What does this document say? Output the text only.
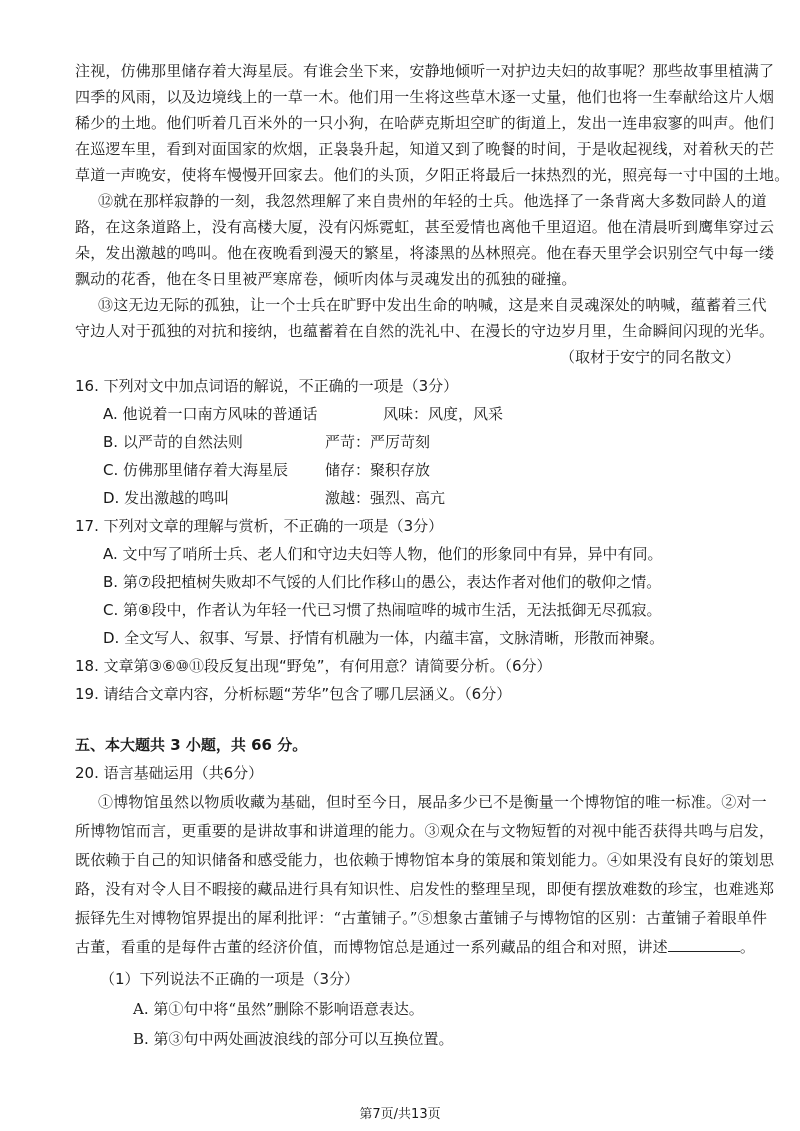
注视，仿佛那里储存着大海星辰。有谁会坐下来，安静地倾听一对护边夫妇的故事呢？那些故事里植满了
四季的风雨，以及边境线上的一草一木。他们用一生将这些草木逐一丈量，他们也将一生奉献给这片人烟
稀少的土地。他们听着几百米外的一只小狗，在哈萨克斯坦空旷的街道上，发出一连串寂寥的叫声。他们
在巡逻车里，看到对面国家的炊烟，正袅袅升起，知道又到了晚餐的时间，于是收起视线，对着秋天的芒
草道一声晚安，使将车慢慢开回家去。他们的头顶，夕阳正将最后一抹热烈的光，照亮每一寸中国的土地。
⑫就在那样寂静的一刻，我忽然理解了来自贵州的年轻的士兵。他选择了一条背离大多数同龄人的道
路，在这条道路上，没有高楼大厦，没有闪烁霓虹，甚至爱情也离他千里迢迢。他在清晨听到鹰隼穿过云
朵，发出激越的鸣叫。他在夜晚看到漫天的繁星，将漆黑的丛林照亮。他在春天里学会识别空气中每一缕
飘动的花香，他在冬日里被严寒席卷，倾听肉体与灵魂发出的孤独的碰撞。
⑬这无边无际的孤独，让一个士兵在旷野中发出生命的呐喊，这是来自灵魂深处的呐喊，蕴蓄着三代
守边人对于孤独的对抗和接纳，也蕴蓄着在自然的洗礼中、在漫长的守边岁月里，生命瞬间闪现的光华。
（取材于安宁的同名散文）
16. 下列对文中加点词语的解说，不正确的一项是（3分）
A. 他说着一口南方风味的普通话	风味：风度，风采
B. 以严苛的自然法则	严苛：严厉苛刻
C. 仿佛那里储存着大海星辰 储存：聚积存放
D. 发出激越的鸣叫	激越：强烈、高亢
17. 下列对文章的理解与赏析，不正确的一项是（3分）
A. 文中写了哨所士兵、老人们和守边夫妇等人物，他们的形象同中有异，异中有同。
B. 第⑦段把植树失败却不气馁的人们比作移山的愚公，表达作者对他们的敬仰之情。
C. 第⑧段中，作者认为年轻一代已习惯了热闹喧哗的城市生活，无法抵御无尽孤寂。
D. 全文写人、叙事、写景、抒情有机融为一体，内蕴丰富，文脉清晰，形散而神聚。
18. 文章第③⑥⑩⑪段反复出现“野兔”，有何用意？请简要分析。（6分）
19. 请结合文章内容，分析标题“芳华”包含了哪几层涵义。（6分）
五、本大题共 3 小题，共 66 分。
20. 语言基础运用（共6分）
①博物馆虽然以物质收藏为基础，但时至今日，展品多少已不是衡量一个博物馆的唯一标准。②对一
所博物馆而言，更重要的是讲故事和讲道理的能力。③观众在与文物短暂的对视中能否获得共鸣与启发，
既依赖于自己的知识储备和感受能力，也依赖于博物馆本身的策展和策划能力。④如果没有良好的策划思
路，没有对令人目不暇接的藏品进行具有知识性、启发性的整理呈现，即便有摆放难数的珍宝，也难逃郑
振铎先生对博物馆界提出的犀利批评：“古董铺子。”⑤想象古董铺子与博物馆的区别：古董铺子着眼单件
古董，看重的是每件古董的经济价值，而博物馆总是通过一系列藏品的组合和对照，讲述	。
（1）下列说法不正确的一项是（3分）
A. 第①句中将“虽然”删除不影响语意表达。
B. 第③句中两处画波浪线的部分可以互换位置。
第7页/共13页
